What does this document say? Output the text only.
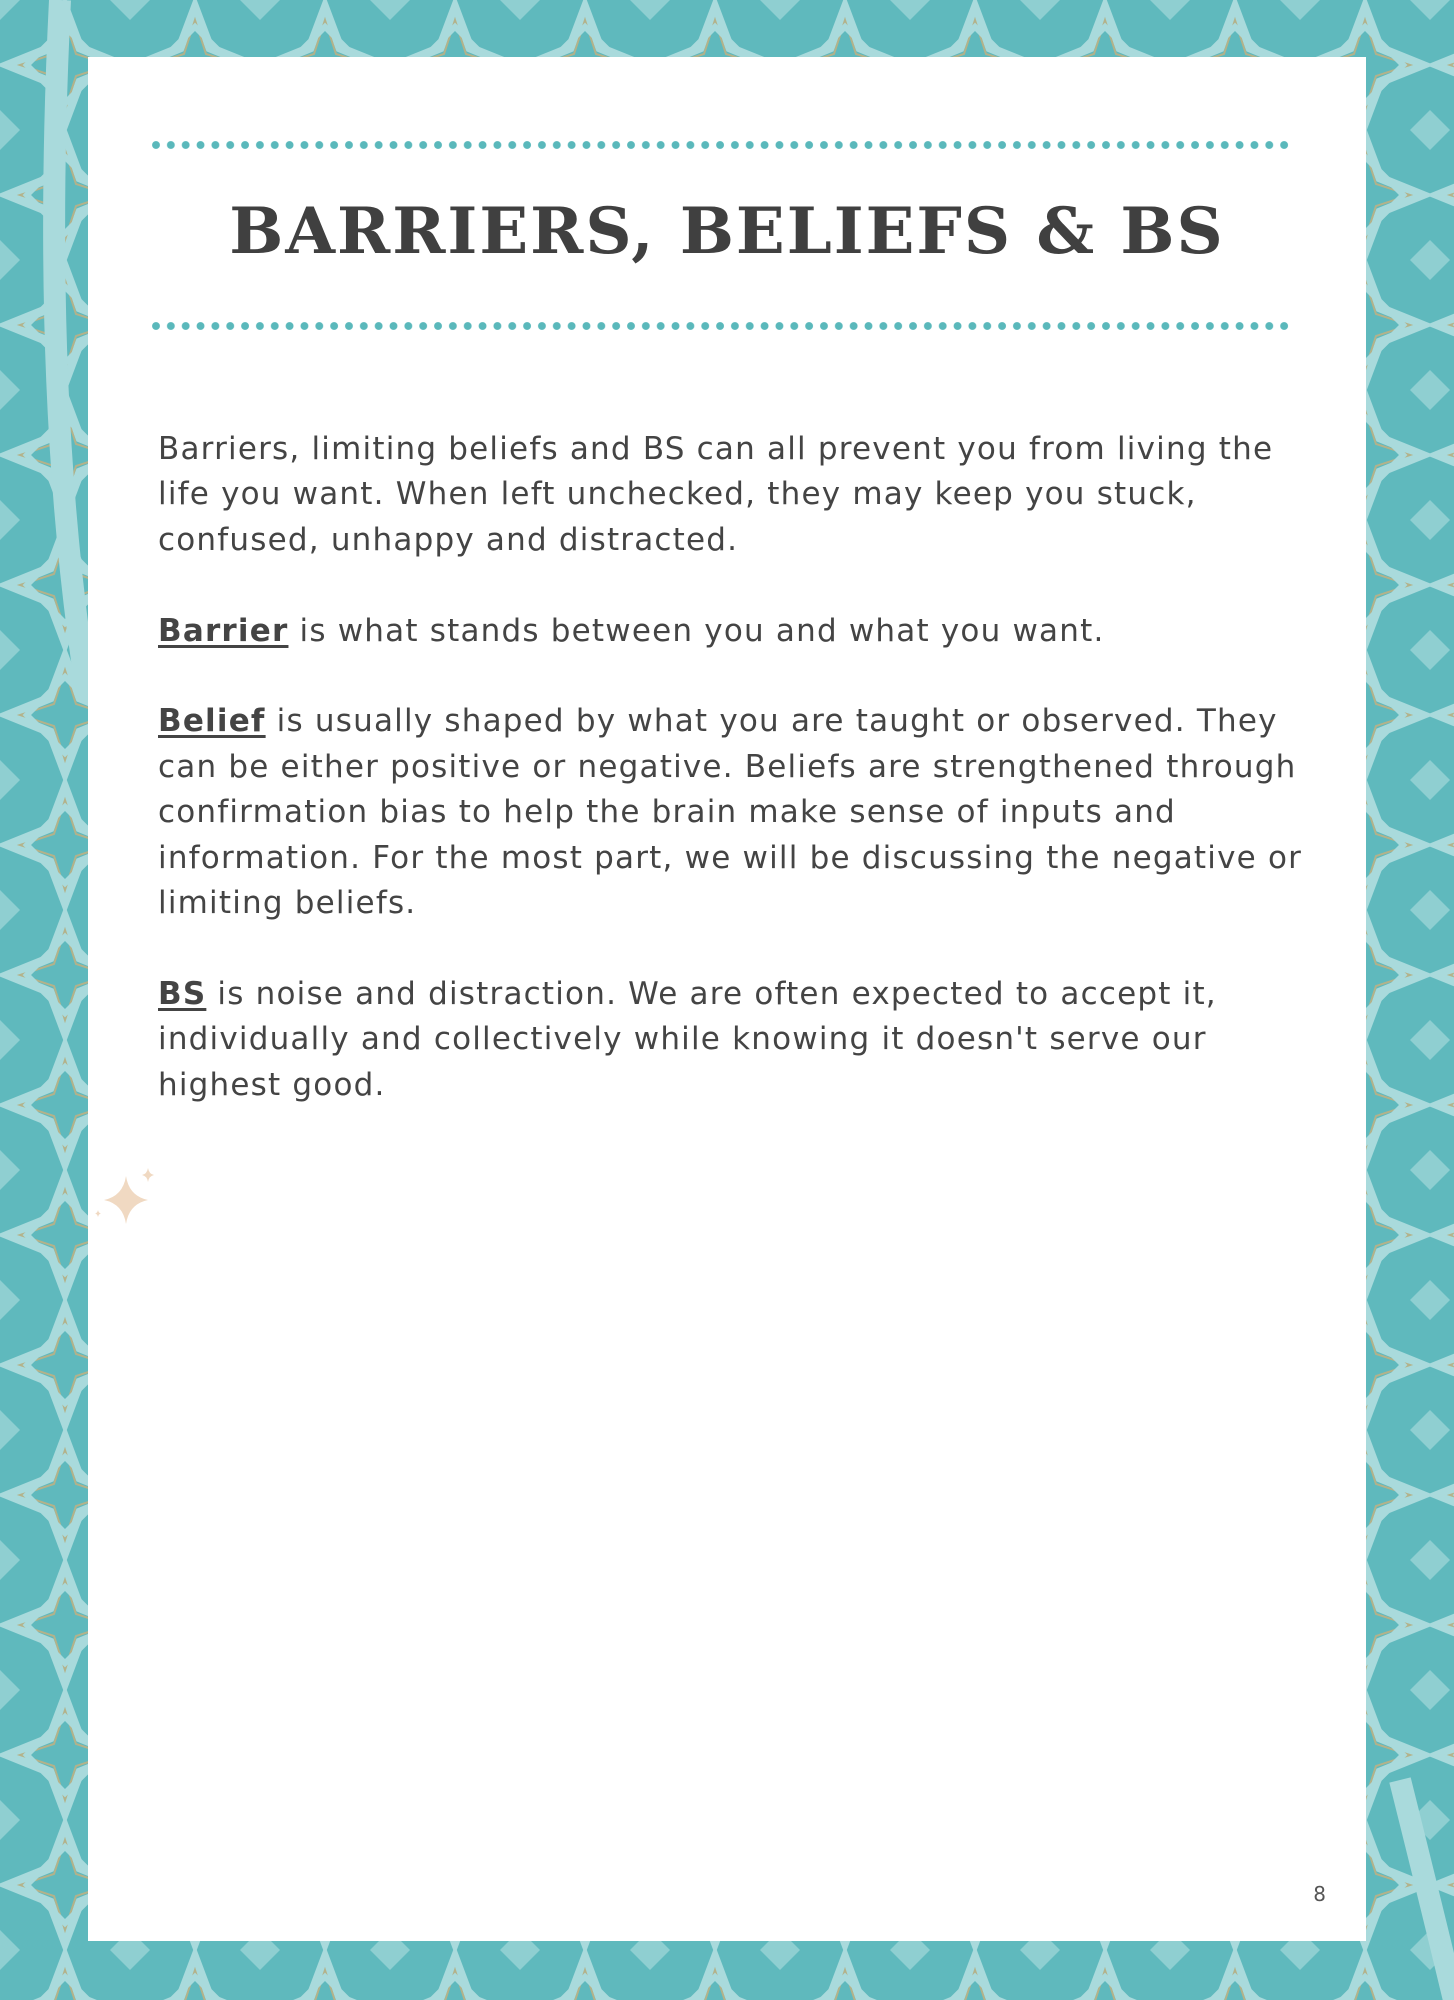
BARRIERS, BELIEFS & BS

Barriers, limiting beliefs and BS can all prevent you from living the life you want. When left unchecked, they may keep you stuck, confused, unhappy and distracted.

Barrier is what stands between you and what you want.

Belief is usually shaped by what you are taught or observed. They can be either positive or negative. Beliefs are strengthened through confirmation bias to help the brain make sense of inputs and information. For the most part, we will be discussing the negative or limiting beliefs.

BS is noise and distraction. We are often expected to accept it, individually and collectively while knowing it doesn't serve our highest good.

8
